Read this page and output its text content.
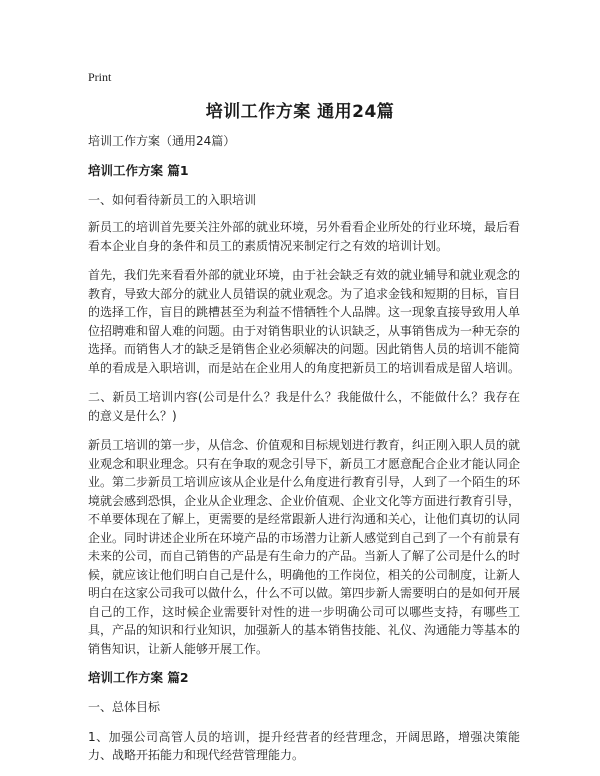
Print
培训工作方案 通用24篇

培训工作方案（通用24篇）

培训工作方案 篇1

一、如何看待新员工的入职培训

新员工的培训首先要关注外部的就业环境，另外看看企业所处的行业环境，最后看看本企业自身的条件和员工的素质情况来制定行之有效的培训计划。

首先，我们先来看看外部的就业环境，由于社会缺乏有效的就业辅导和就业观念的教育，导致大部分的就业人员错误的就业观念。为了追求金钱和短期的目标，盲目的选择工作，盲目的跳槽甚至为利益不惜牺牲个人品牌。这一现象直接导致用人单位招聘难和留人难的问题。由于对销售职业的认识缺乏，从事销售成为一种无奈的选择。而销售人才的缺乏是销售企业必须解决的问题。因此销售人员的培训不能简单的看成是入职培训，而是站在企业用人的角度把新员工的培训看成是留人培训。

二、新员工培训内容(公司是什么？我是什么？我能做什么，不能做什么？我存在的意义是什么？)

新员工培训的第一步，从信念、价值观和目标规划进行教育，纠正刚入职人员的就业观念和职业理念。只有在争取的观念引导下，新员工才愿意配合企业才能认同企业。第二步新员工培训应该从企业是什么角度进行教育引导，人到了一个陌生的环境就会感到恐惧，企业从企业理念、企业价值观、企业文化等方面进行教育引导，不单要体现在了解上，更需要的是经常跟新人进行沟通和关心，让他们真切的认同企业。同时讲述企业所在环境产品的市场潜力让新人感觉到自己到了一个有前景有未来的公司，而自己销售的产品是有生命力的产品。当新人了解了公司是什么的时候，就应该让他们明白自己是什么，明确他的工作岗位，相关的公司制度，让新人明白在这家公司我可以做什么，什么不可以做。第四步新人需要明白的是如何开展自己的工作，这时候企业需要针对性的进一步明确公司可以哪些支持，有哪些工具，产品的知识和行业知识，加强新人的基本销售技能、礼仪、沟通能力等基本的销售知识，让新人能够开展工作。

培训工作方案 篇2

一、总体目标

1、加强公司高管人员的培训，提升经营者的经营理念，开阔思路，增强决策能力、战略开拓能力和现代经营管理能力。
